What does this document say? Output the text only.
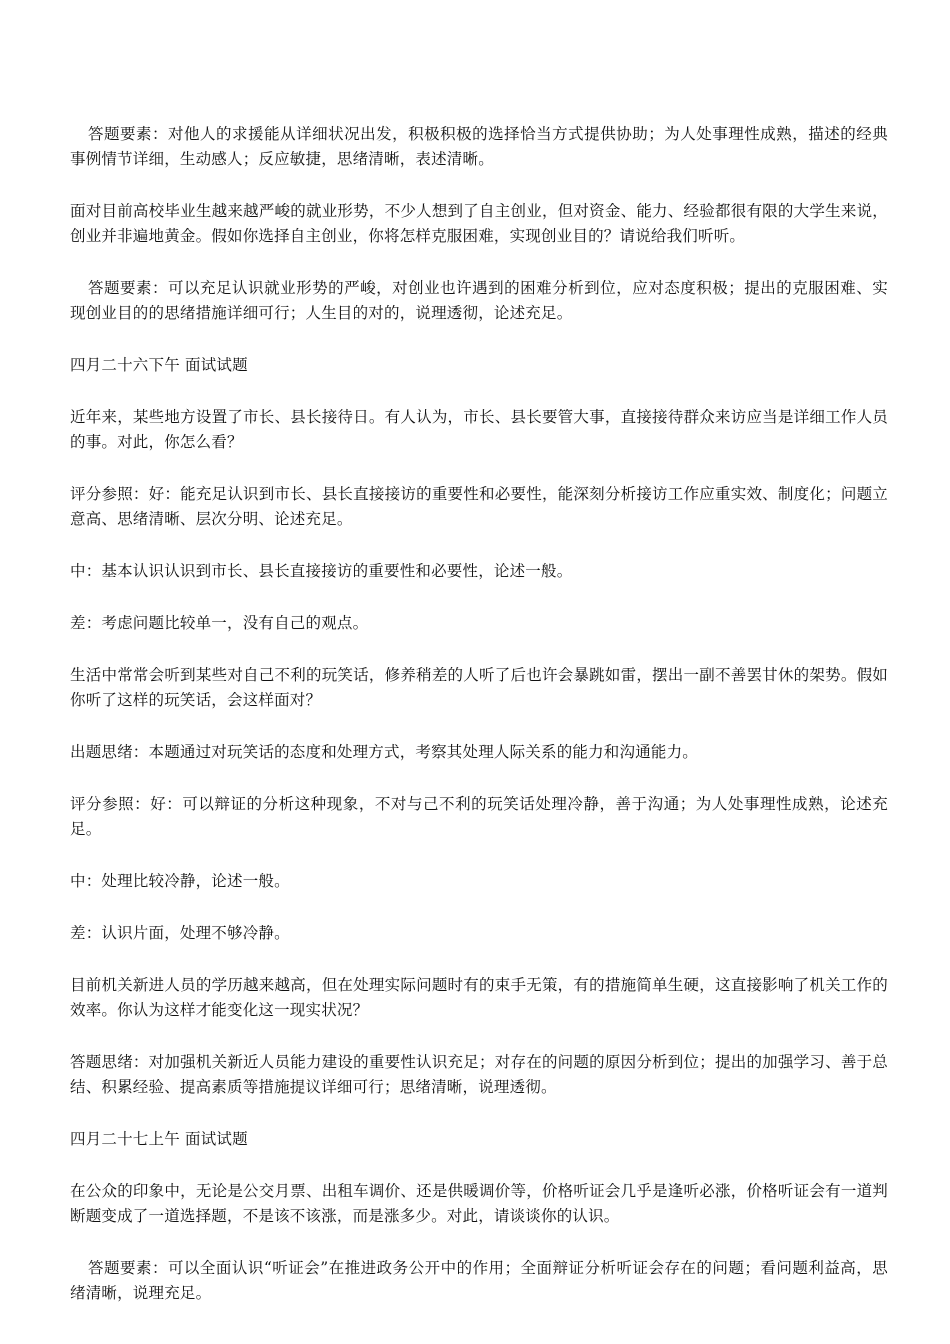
答题要素：对他人的求援能从详细状况出发，积极积极的选择恰当方式提供协助；为人处事理性成熟，描述的经典事例情节详细，生动感人；反应敏捷，思绪清晰，表述清晰。

面对目前高校毕业生越来越严峻的就业形势，不少人想到了自主创业，但对资金、能力、经验都很有限的大学生来说，创业并非遍地黄金。假如你选择自主创业，你将怎样克服困难，实现创业目的？请说给我们听听。

答题要素：可以充足认识就业形势的严峻，对创业也许遇到的困难分析到位，应对态度积极；提出的克服困难、实现创业目的的思绪措施详细可行；人生目的对的，说理透彻，论述充足。

四月二十六下午 面试试题

近年来，某些地方设置了市长、县长接待日。有人认为，市长、县长要管大事，直接接待群众来访应当是详细工作人员的事。对此，你怎么看？

评分参照：好：能充足认识到市长、县长直接接访的重要性和必要性，能深刻分析接访工作应重实效、制度化；问题立意高、思绪清晰、层次分明、论述充足。

中：基本认识认识到市长、县长直接接访的重要性和必要性，论述一般。

差：考虑问题比较单一，没有自己的观点。

生活中常常会听到某些对自己不利的玩笑话，修养稍差的人听了后也许会暴跳如雷，摆出一副不善罢甘休的架势。假如你听了这样的玩笑话，会这样面对？

出题思绪：本题通过对玩笑话的态度和处理方式，考察其处理人际关系的能力和沟通能力。

评分参照：好：可以辩证的分析这种现象，不对与己不利的玩笑话处理冷静，善于沟通；为人处事理性成熟，论述充足。

中：处理比较冷静，论述一般。

差：认识片面，处理不够冷静。

目前机关新进人员的学历越来越高，但在处理实际问题时有的束手无策，有的措施简单生硬，这直接影响了机关工作的效率。你认为这样才能变化这一现实状况？

答题思绪：对加强机关新近人员能力建设的重要性认识充足；对存在的问题的原因分析到位；提出的加强学习、善于总结、积累经验、提高素质等措施提议详细可行；思绪清晰，说理透彻。

四月二十七上午 面试试题

在公众的印象中，无论是公交月票、出租车调价、还是供暖调价等，价格听证会几乎是逢听必涨，价格听证会有一道判断题变成了一道选择题，不是该不该涨，而是涨多少。对此，请谈谈你的认识。

答题要素：可以全面认识“听证会”在推进政务公开中的作用；全面辩证分析听证会存在的问题；看问题利益高，思绪清晰，说理充足。
